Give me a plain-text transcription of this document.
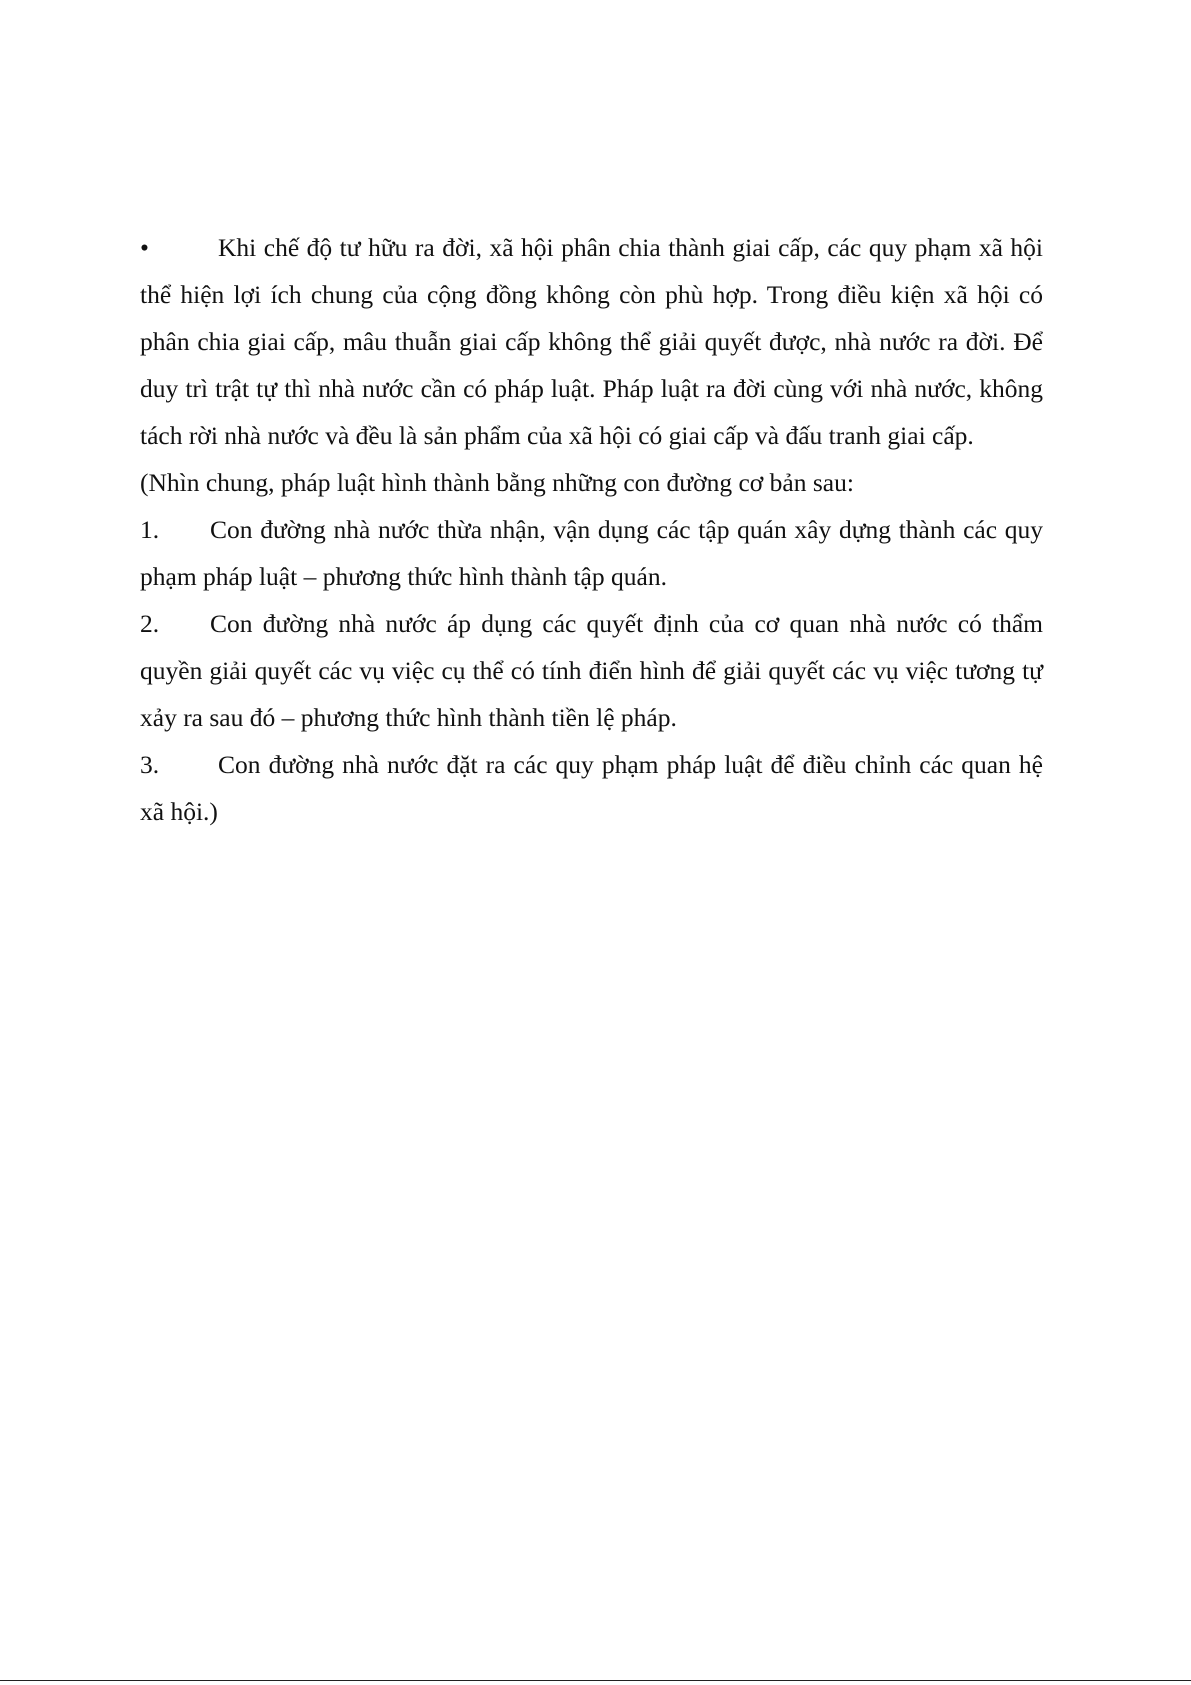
•	Khi chế độ tư hữu ra đời, xã hội phân chia thành giai cấp, các quy phạm xã hội thể hiện lợi ích chung của cộng đồng không còn phù hợp. Trong điều kiện xã hội có phân chia giai cấp, mâu thuẫn giai cấp không thể giải quyết được, nhà nước ra đời. Để duy trì trật tự thì nhà nước cần có pháp luật. Pháp luật ra đời cùng với nhà nước, không tách rời nhà nước và đều là sản phẩm của xã hội có giai cấp và đấu tranh giai cấp.

(Nhìn chung, pháp luật hình thành bằng những con đường cơ bản sau:

1. Con đường nhà nước thừa nhận, vận dụng các tập quán xây dựng thành các quy phạm pháp luật – phương thức hình thành tập quán.

2. Con đường nhà nước áp dụng các quyết định của cơ quan nhà nước có thẩm quyền giải quyết các vụ việc cụ thể có tính điển hình để giải quyết các vụ việc tương tự xảy ra sau đó – phương thức hình thành tiền lệ pháp.

3. Con đường nhà nước đặt ra các quy phạm pháp luật để điều chỉnh các quan hệ xã hội.)
